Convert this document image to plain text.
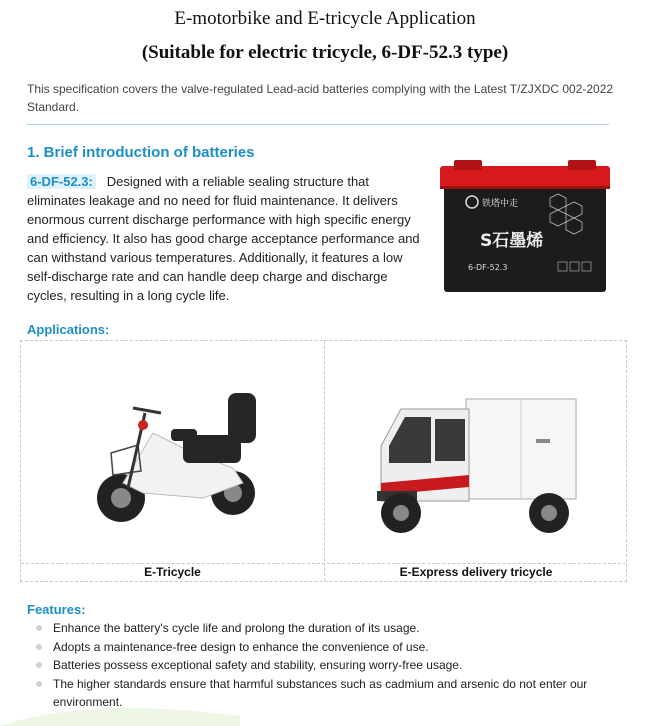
E-motorbike and E-tricycle Application
(Suitable for electric tricycle, 6-DF-52.3 type)
This specification covers the valve-regulated Lead-acid batteries complying with the Latest T/ZJXDC 002-2022 Standard.
1. Brief introduction of batteries
6-DF-52.3: Designed with a reliable sealing structure that eliminates leakage and no need for fluid maintenance. It delivers enormous current discharge performance with high specific energy and efficiency. It also has good charge acceptance performance and can withstand various temperatures. Additionally, it features a low self-discharge rate and can handle deep charge and discharge cycles, resulting in a long cycle life.
铁塔中走
S石墨烯
6-DF-52.3
Applications:
E-Tricycle	E-Express delivery tricycle
Features:
Enhance the battery's cycle life and prolong the duration of its usage.
Adopts a maintenance-free design to enhance the convenience of use.
Batteries possess exceptional safety and stability, ensuring worry-free usage.
The higher standards ensure that harmful substances such as cadmium and arsenic do not enter our environment.
